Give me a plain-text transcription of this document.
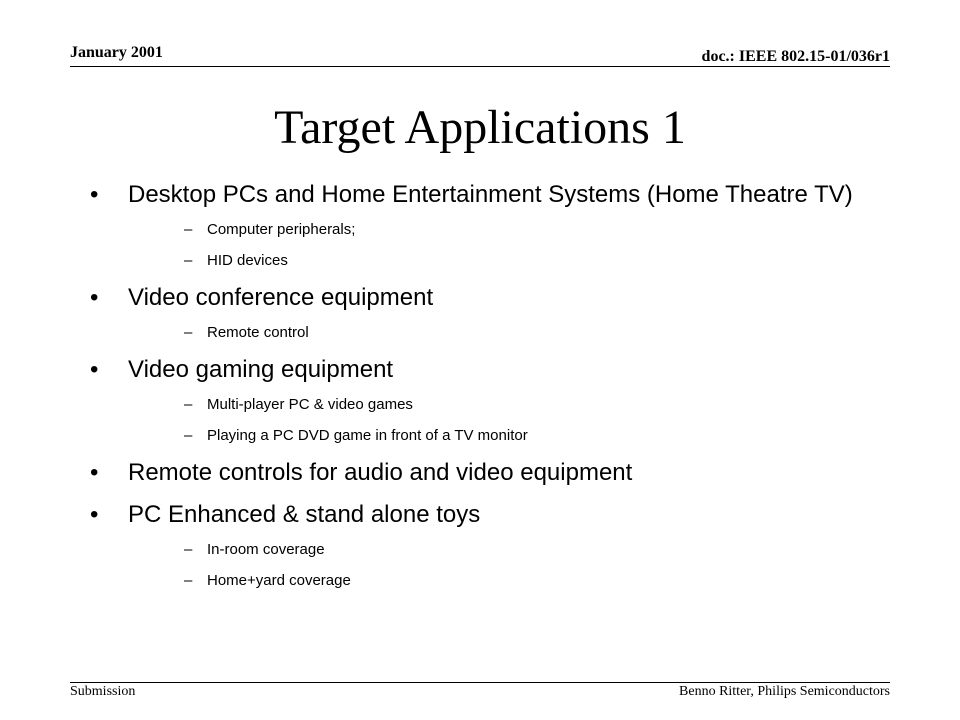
January 2001	doc.: IEEE 802.15-01/036r1
Target Applications 1
•	Desktop PCs and Home Entertainment Systems (Home Theatre TV)
– Computer peripherals;
– HID devices
•	Video conference equipment
– Remote control
•	Video gaming equipment
– Multi-player PC & video games
– Playing a PC DVD game in front of a TV monitor
•	Remote controls for audio and video equipment
•	PC Enhanced & stand alone toys
– In-room coverage
– Home+yard coverage
Submission	Benno Ritter, Philips Semiconductors
